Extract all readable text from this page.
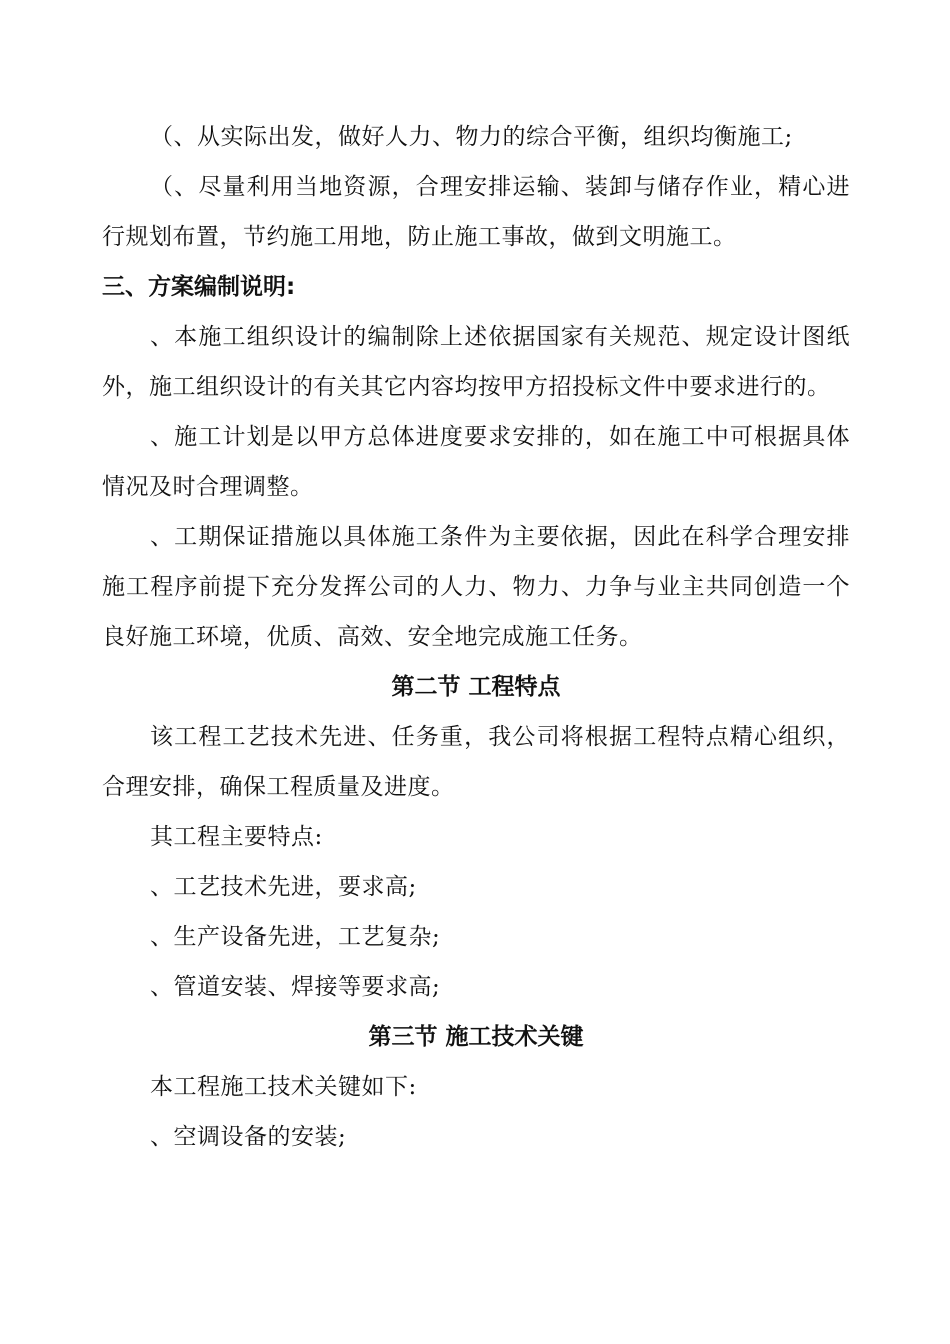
（、从实际出发，做好人力、物力的综合平衡，组织均衡施工;

（、尽量利用当地资源，合理安排运输、装卸与储存作业，精心进行规划布置，节约施工用地，防止施工事故，做到文明施工。

三、方案编制说明:

、本施工组织设计的编制除上述依据国家有关规范、规定设计图纸外，施工组织设计的有关其它内容均按甲方招投标文件中要求进行的。

、施工计划是以甲方总体进度要求安排的，如在施工中可根据具体情况及时合理调整。

、工期保证措施以具体施工条件为主要依据，因此在科学合理安排施工程序前提下充分发挥公司的人力、物力、力争与业主共同创造一个良好施工环境，优质、高效、安全地完成施工任务。

第二节 工程特点

该工程工艺技术先进、任务重，我公司将根据工程特点精心组织，合理安排，确保工程质量及进度。

其工程主要特点:

、工艺技术先进，要求高;

、生产设备先进，工艺复杂;

、管道安装、焊接等要求高;

第三节 施工技术关键

本工程施工技术关键如下:

、空调设备的安装;
